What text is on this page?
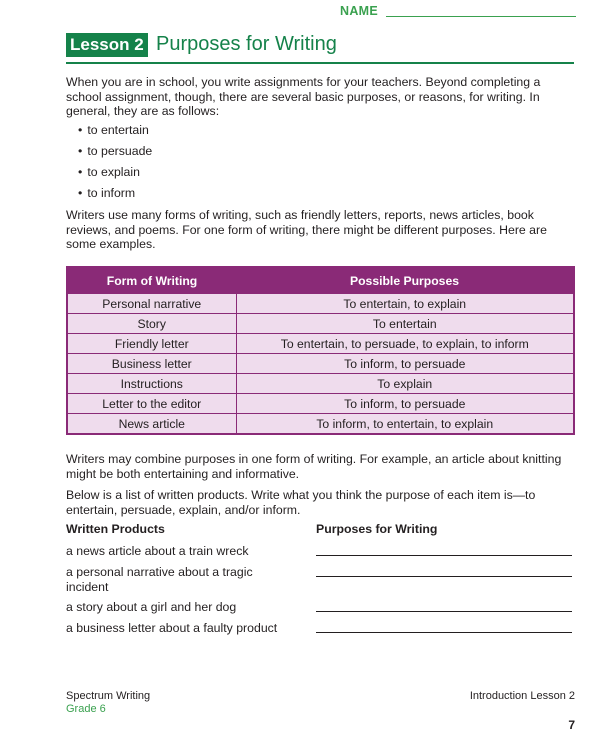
NAME
Lesson 2 Purposes for Writing

When you are in school, you write assignments for your teachers. Beyond completing a school assignment, though, there are several basic purposes, or reasons, for writing. In general, they are as follows:

• to entertain
• to persuade
• to explain
• to inform

Writers use many forms of writing, such as friendly letters, reports, news articles, book reviews, and poems. For one form of writing, there might be different purposes. Here are some examples.

Form of Writing	Possible Purposes
Personal narrative	To entertain, to explain
Story	To entertain
Friendly letter	To entertain, to persuade, to explain, to inform
Business letter	To inform, to persuade
Instructions	To explain
Letter to the editor	To inform, to persuade
News article	To inform, to entertain, to explain

Writers may combine purposes in one form of writing. For example, an article about knitting might be both entertaining and informative.

Below is a list of written products. Write what you think the purpose of each item is—to entertain, persuade, explain, and/or inform.

Written Products	Purposes for Writing
a news article about a train wreck
a personal narrative about a tragic incident
a story about a girl and her dog
a business letter about a faulty product
Spectrum Writing
Grade 6
Introduction Lesson 2
7
